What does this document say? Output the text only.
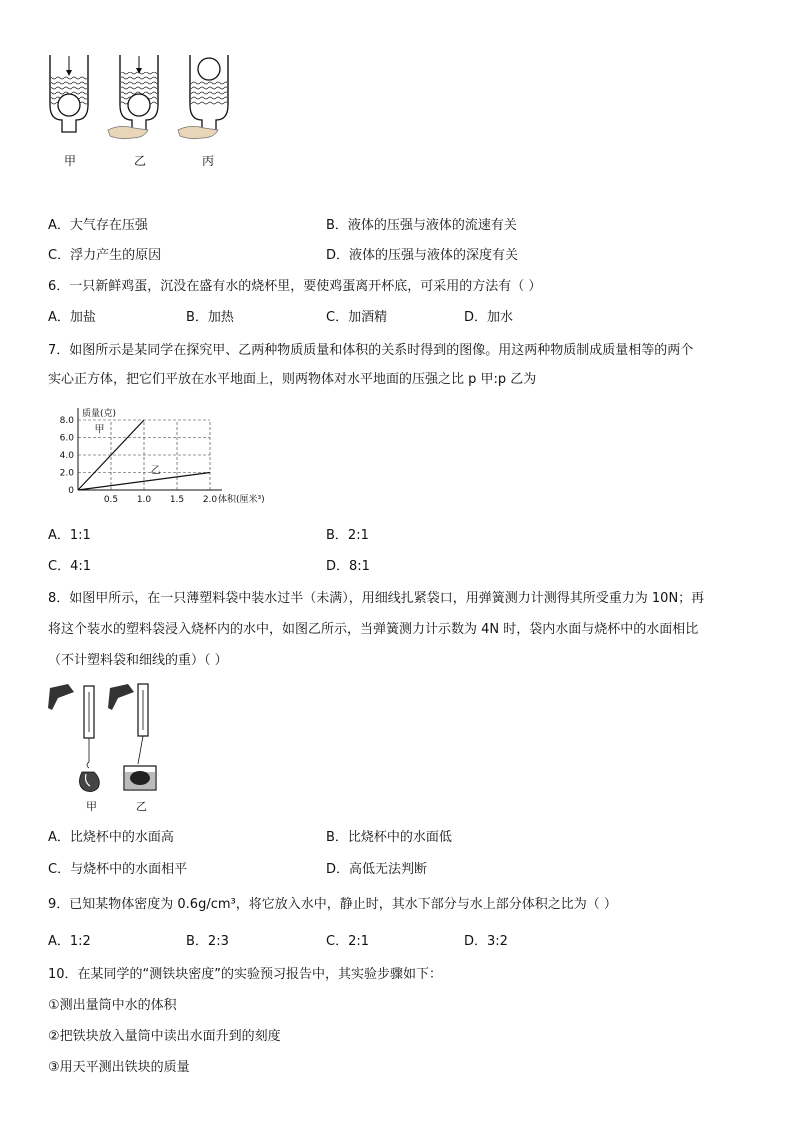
甲	乙	丙
A．大气存在压强	B．液体的压强与液体的流速有关
C．浮力产生的原因	D．液体的压强与液体的深度有关
6．一只新鲜鸡蛋，沉没在盛有水的烧杯里，要使鸡蛋离开杯底，可采用的方法有（ ）
A．加盐	B．加热	C．加酒精	D．加水
7．如图所示是某同学在探究甲、乙两种物质质量和体积的关系时得到的图像。用这两种物质制成质量相等的两个
实心正方体，把它们平放在水平地面上，则两物体对水平地面的压强之比 p 甲:p 乙为
8.0
6.0
4.0
2.0
0
0.5 1.0 1.5 2.0
质量(克)
体积(厘米³)
甲
乙
A．1:1	B．2:1
C．4:1	D．8:1
8．如图甲所示，在一只薄塑料袋中装水过半（未满），用细线扎紧袋口，用弹簧测力计测得其所受重力为 10N；再
将这个装水的塑料袋浸入烧杯内的水中，如图乙所示，当弹簧测力计示数为 4N 时，袋内水面与烧杯中的水面相比
（不计塑料袋和细线的重）（ ）
甲	乙
A．比烧杯中的水面高	B．比烧杯中的水面低
C．与烧杯中的水面相平	D．高低无法判断
9．已知某物体密度为 0.6g/cm³，将它放入水中，静止时，其水下部分与水上部分体积之比为（ ）
A．1:2	B．2:3	C．2:1	D．3:2
10．在某同学的“测铁块密度”的实验预习报告中，其实验步骤如下：
①测出量筒中水的体积
②把铁块放入量筒中读出水面升到的刻度
③用天平测出铁块的质量
